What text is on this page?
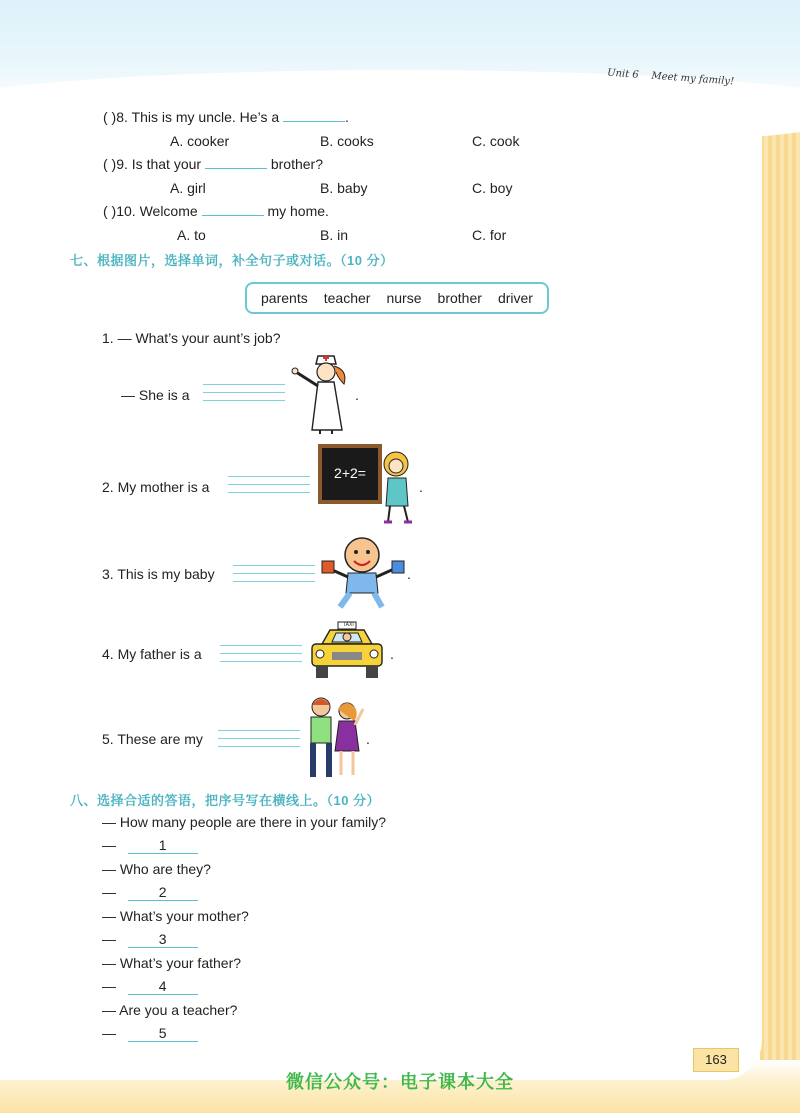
Unit 6 Meet my family!
( )8. This is my uncle. He’s a	.
A. cooker	B. cooks	C. cook
( )9. Is that your	brother?
A. girl	B. baby	C. boy
( )10. Welcome	my home.
A. to	B. in	C. for
七、根据图片，选择单词，补全句子或对话。（10 分）
parents teacher nurse brother driver
1. — What’s your aunt’s job?
— She is a	.
2. My mother is a
2+2=
.
3. This is my baby	.
4. My father is a
TAXI
.
5. These are my	.
八、选择合适的答语，把序号写在横线上。（10 分）
— How many people are there in your family?
—	1
— Who are they?
—	2
— What’s your mother?
—	3
— What’s your father?
—	4
— Are you a teacher?
—	5
163
微信公众号：电子课本大全
